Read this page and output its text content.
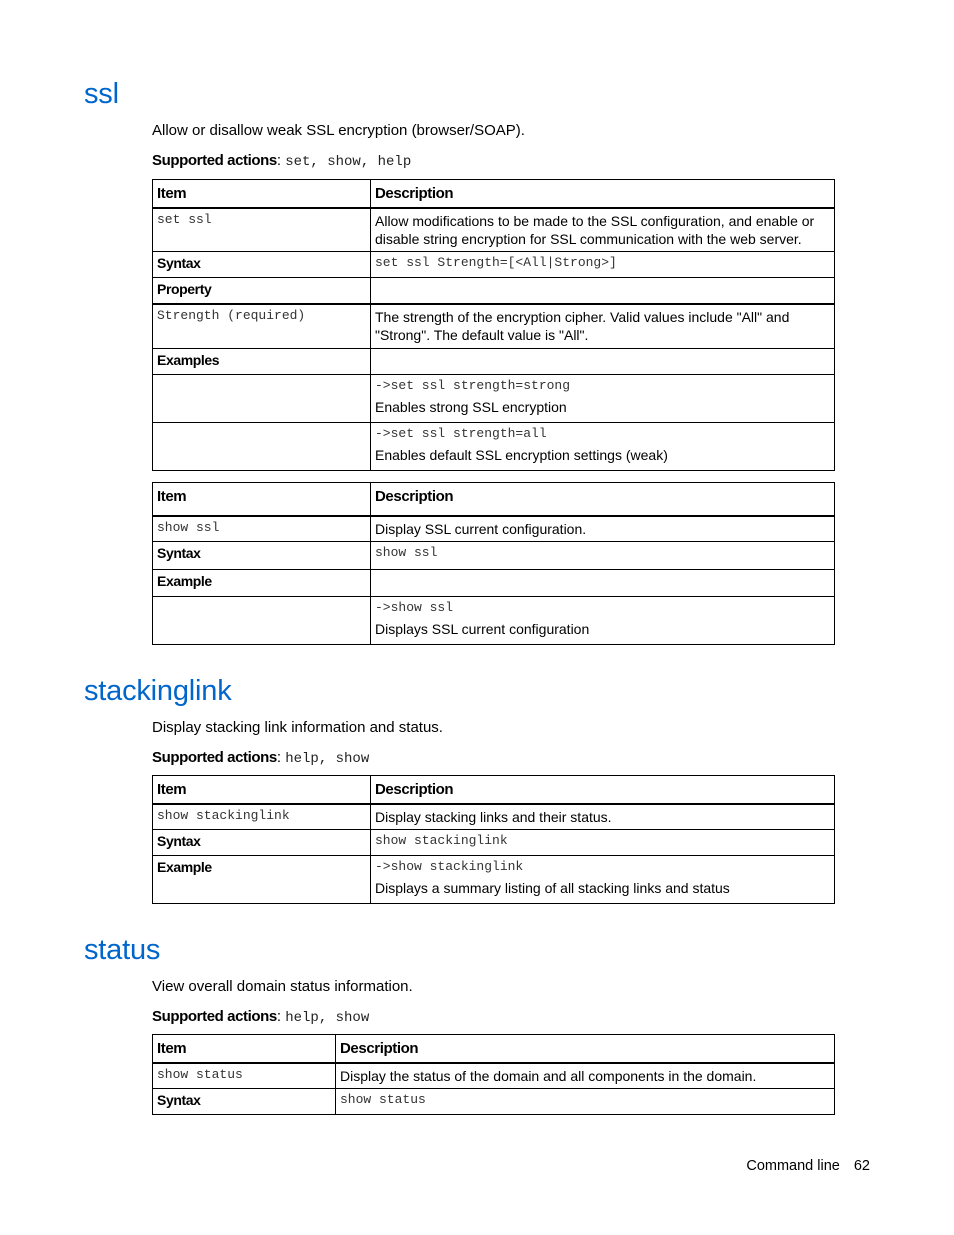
ssl
Allow or disallow weak SSL encryption (browser/SOAP).
Supported actions: set, show, help
Item	Description
set ssl	Allow modifications to be made to the SSL configuration, and enable or disable string encryption for SSL communication with the web server.
Syntax	set ssl Strength=[<All|Strong>]
Property	
Strength (required)	The strength of the encryption cipher. Valid values include "All" and "Strong". The default value is "All".
Examples	

	->set ssl strength=strong
Enables strong SSL encryption

	->set ssl strength=all
Enables default SSL encryption settings (weak)
Item	Description
show ssl	Display SSL current configuration.
Syntax	show ssl
Example	

	->show ssl
Displays SSL current configuration
stackinglink
Display stacking link information and status.
Supported actions: help, show
Item	Description
show stackinglink	Display stacking links and their status.
Syntax	show stackinglink
Example	->show stackinglink
Displays a summary listing of all stacking links and status
status
View overall domain status information.
Supported actions: help, show
Item	Description
show status	Display the status of the domain and all components in the domain.
Syntax	show status
Command line 62
